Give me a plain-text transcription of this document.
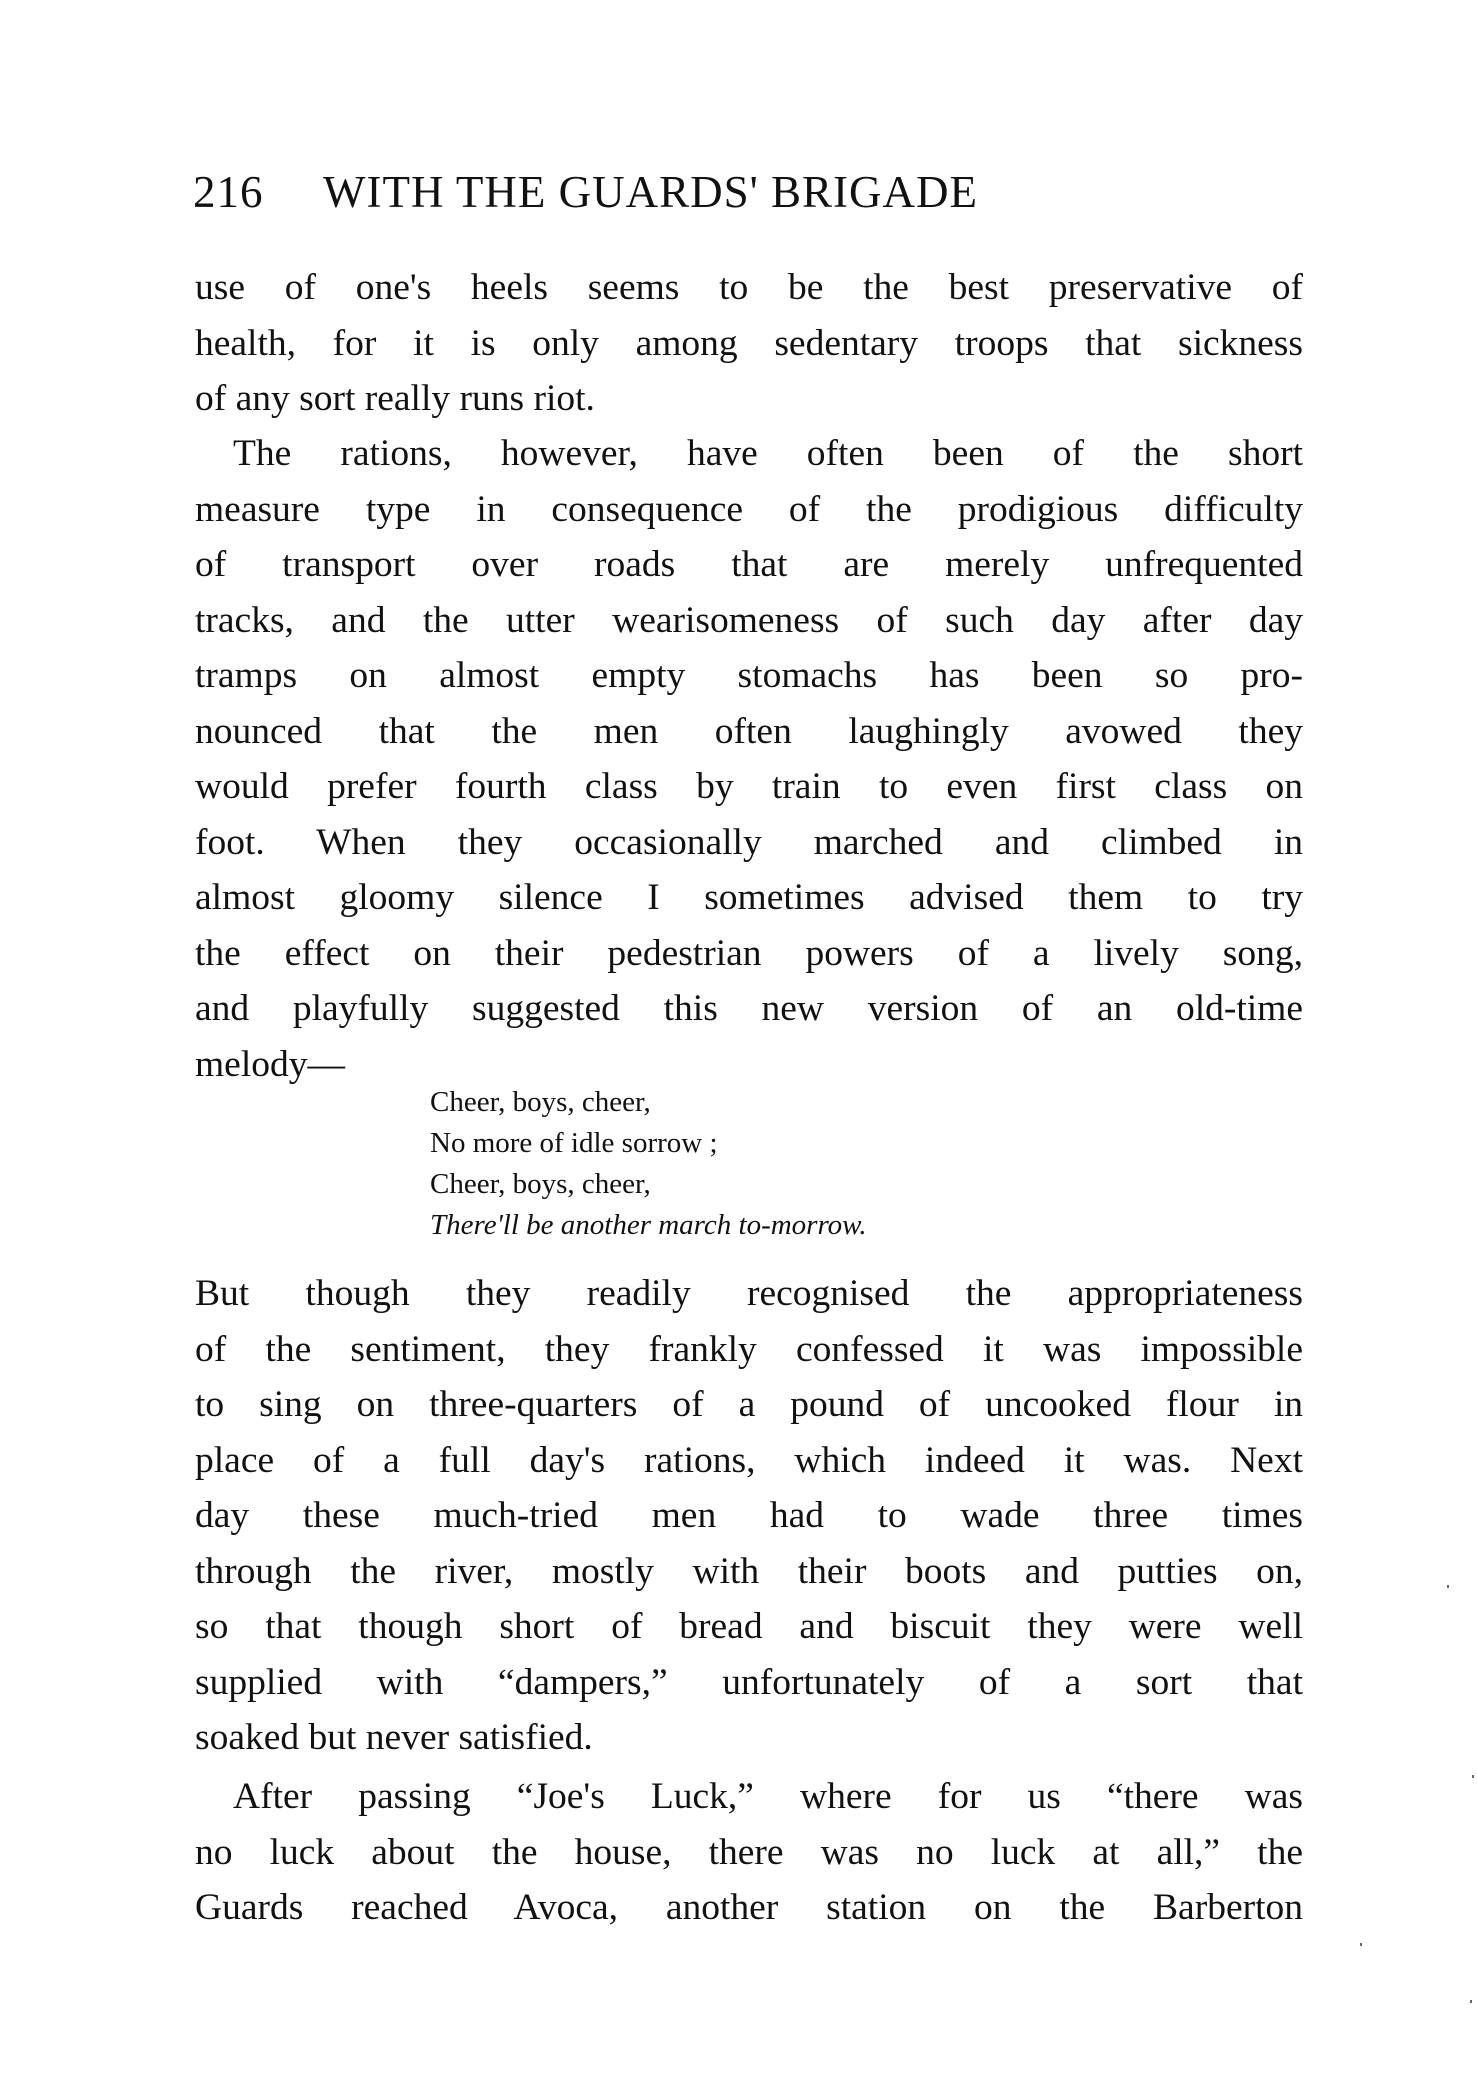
216 WITH THE GUARDS' BRIGADE
use of one's heels seems to be the best preservative of
health, for it is only among sedentary troops that sickness
of any sort really runs riot.
The rations, however, have often been of the short
measure type in consequence of the prodigious difficulty
of transport over roads that are merely unfrequented
tracks, and the utter wearisomeness of such day after day
tramps on almost empty stomachs has been so pro-
nounced that the men often laughingly avowed they
would prefer fourth class by train to even first class on
foot. When they occasionally marched and climbed in
almost gloomy silence I sometimes advised them to try
the effect on their pedestrian powers of a lively song,
and playfully suggested this new version of an old-time
melody—
Cheer, boys, cheer,
No more of idle sorrow ;
Cheer, boys, cheer,
There'll be another march to-morrow.
But though they readily recognised the appropriateness
of the sentiment, they frankly confessed it was impossible
to sing on three-quarters of a pound of uncooked flour in
place of a full day's rations, which indeed it was. Next
day these much-tried men had to wade three times
through the river, mostly with their boots and putties on,
so that though short of bread and biscuit they were well
supplied with “dampers,” unfortunately of a sort that
soaked but never satisfied.
After passing “Joe's Luck,” where for us “there was
no luck about the house, there was no luck at all,” the
Guards reached Avoca, another station on the Barberton
